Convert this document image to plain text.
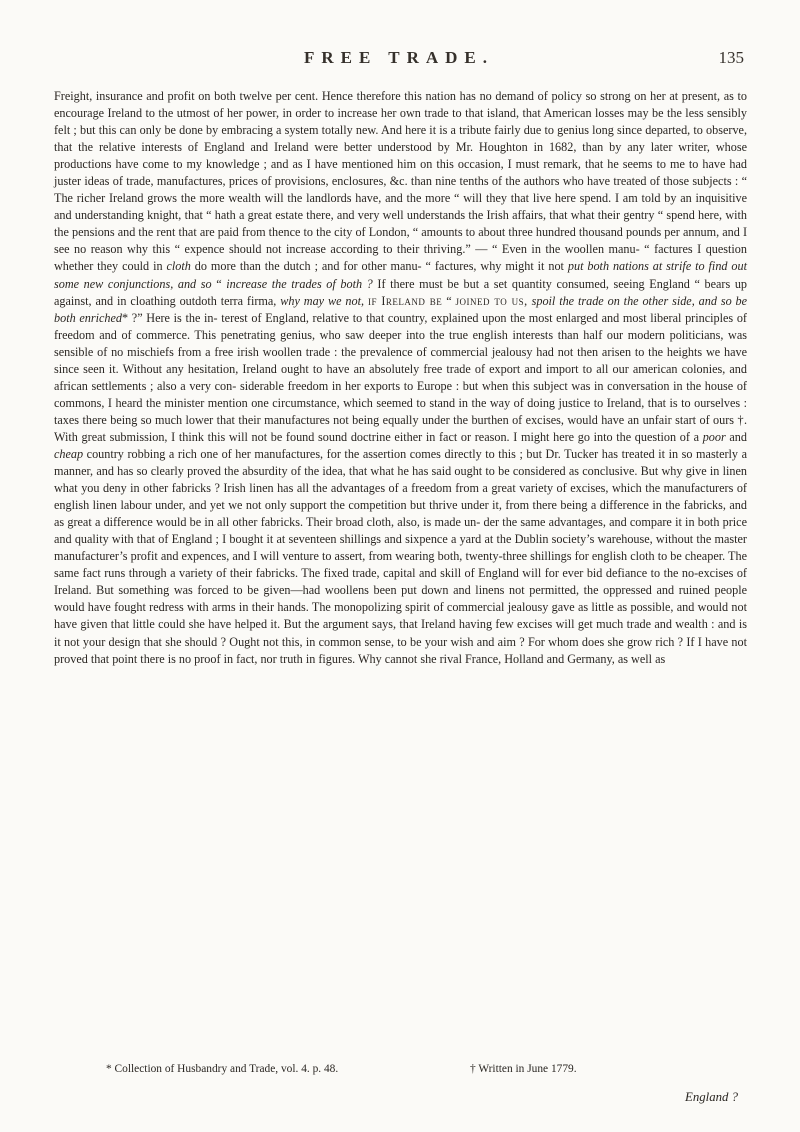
FREE TRADE.	135

Freight, insurance and profit on both twelve per cent. Hence therefore this nation has no demand of policy so strong on her at present, as to encourage Ireland to the utmost of her power, in order to increase her own trade to that island, that American losses may be the less sensibly felt ; but this can only be done by embracing a system totally new. And here it is a tribute fairly due to genius long since departed, to observe, that the relative interests of England and Ireland were better understood by Mr. Houghton in 1682, than by any later writer, whose productions have come to my knowledge ; and as I have mentioned him on this occasion, I must remark, that he seems to me to have had juster ideas of trade, manufactures, prices of provisions, enclosures, &c. than nine tenths of the authors who have treated of those subjects : “ The richer Ireland grows the more wealth will the landlords have, and the more “ will they that live here spend. I am told by an inquisitive and understanding knight, that “ hath a great estate there, and very well understands the Irish affairs, that what their gentry “ spend here, with the pensions and the rent that are paid from thence to the city of London, “ amounts to about three hundred thousand pounds per annum, and I see no reason why this “ expence should not increase according to their thriving.” — “ Even in the woollen manu- “ factures I question whether they could in cloth do more than the dutch ; and for other manu- “ factures, why might it not put both nations at strife to find out some new conjunctions, and so “ increase the trades of both ? If there must be but a set quantity consumed, seeing England “ bears up against, and in cloathing outdoth terra firma, why may we not, if Ireland be “ joined to us, spoil the trade on the other side, and so be both enriched* ?” Here is the in- terest of England, relative to that country, explained upon the most enlarged and most liberal principles of freedom and of commerce. This penetrating genius, who saw deeper into the true english interests than half our modern politicians, was sensible of no mischiefs from a free irish woollen trade : the prevalence of commercial jealousy had not then arisen to the heights we have since seen it. Without any hesitation, Ireland ought to have an absolutely free trade of export and import to all our american colonies, and african settlements ; also a very con- siderable freedom in her exports to Europe : but when this subject was in conversation in the house of commons, I heard the minister mention one circumstance, which seemed to stand in the way of doing justice to Ireland, that is to ourselves : taxes there being so much lower that their manufactures not being equally under the burthen of excises, would have an unfair start of ours †. With great submission, I think this will not be found sound doctrine either in fact or reason. I might here go into the question of a poor and cheap country robbing a rich one of her manufactures, for the assertion comes directly to this ; but Dr. Tucker has treated it in so masterly a manner, and has so clearly proved the absurdity of the idea, that what he has said ought to be considered as conclusive. But why give in linen what you deny in other fabricks ? Irish linen has all the advantages of a freedom from a great variety of excises, which the manufacturers of english linen labour under, and yet we not only support the competition but thrive under it, from there being a difference in the fabricks, and as great a difference would be in all other fabricks. Their broad cloth, also, is made un- der the same advantages, and compare it in both price and quality with that of England ; I bought it at seventeen shillings and sixpence a yard at the Dublin society’s warehouse, without the master manufacturer’s profit and expences, and I will venture to assert, from wearing both, twenty-three shillings for english cloth to be cheaper. The same fact runs through a variety of their fabricks. The fixed trade, capital and skill of England will for ever bid defiance to the no-excises of Ireland. But something was forced to be given—had woollens been put down and linens not permitted, the oppressed and ruined people would have fought redress with arms in their hands. The monopolizing spirit of commercial jealousy gave as little as possible, and would not have given that little could she have helped it. But the argument says, that Ireland having few excises will get much trade and wealth : and is it not your design that she should ? Ought not this, in common sense, to be your wish and aim ? For whom does she grow rich ? If I have not proved that point there is no proof in fact, nor truth in figures. Why cannot she rival France, Holland and Germany, as well as

* Collection of Husbandry and Trade, vol. 4. p. 48.	† Written in June 1779.
England ?
